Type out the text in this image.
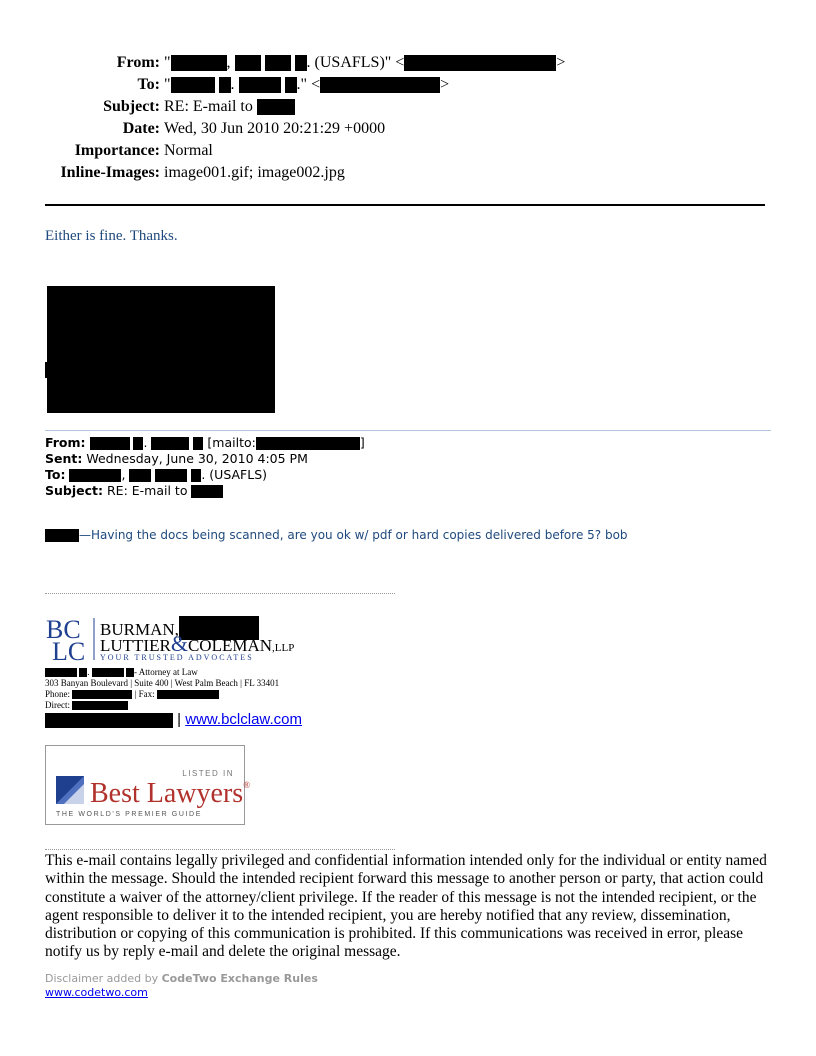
From: "	,	. (USAFLS)" <	>
To: "	.	." <	>
Subject: RE: E-mail to
Date: Wed, 30 Jun 2010 20:21:29 +0000
Importance: Normal
Inline-Images: image001.gif; image002.jpg
Either is fine. Thanks.
From:	.	[mailto:	]
Sent: Wednesday, June 30, 2010 4:05 PM
To:	,	. (USAFLS)
Subject: RE: E-mail to
—Having the docs being scanned, are you ok w/ pdf or hard copies delivered before 5? bob
BC
LC
BURMAN,
LUTTIER&COLEMAN,LLP
YOUR TRUSTED ADVOCATES
.	- Attorney at Law
303 Banyan Boulevard | Suite 400 | West Palm Beach | FL 33401
Phone:	| Fax:
Direct:
| www.bclclaw.com
LISTED IN
Best Lawyers®
THE WORLD'S PREMIER GUIDE
This e-mail contains legally privileged and confidential information intended only for the individual or entity named within the message. Should the intended recipient forward this message to another person or party, that action could constitute a waiver of the attorney/client privilege. If the reader of this message is not the intended recipient, or the agent responsible to deliver it to the intended recipient, you are hereby notified that any review, dissemination, distribution or copying of this communication is prohibited. If this communications was received in error, please notify us by reply e-mail and delete the original message.
Disclaimer added by CodeTwo Exchange Rules
www.codetwo.com
